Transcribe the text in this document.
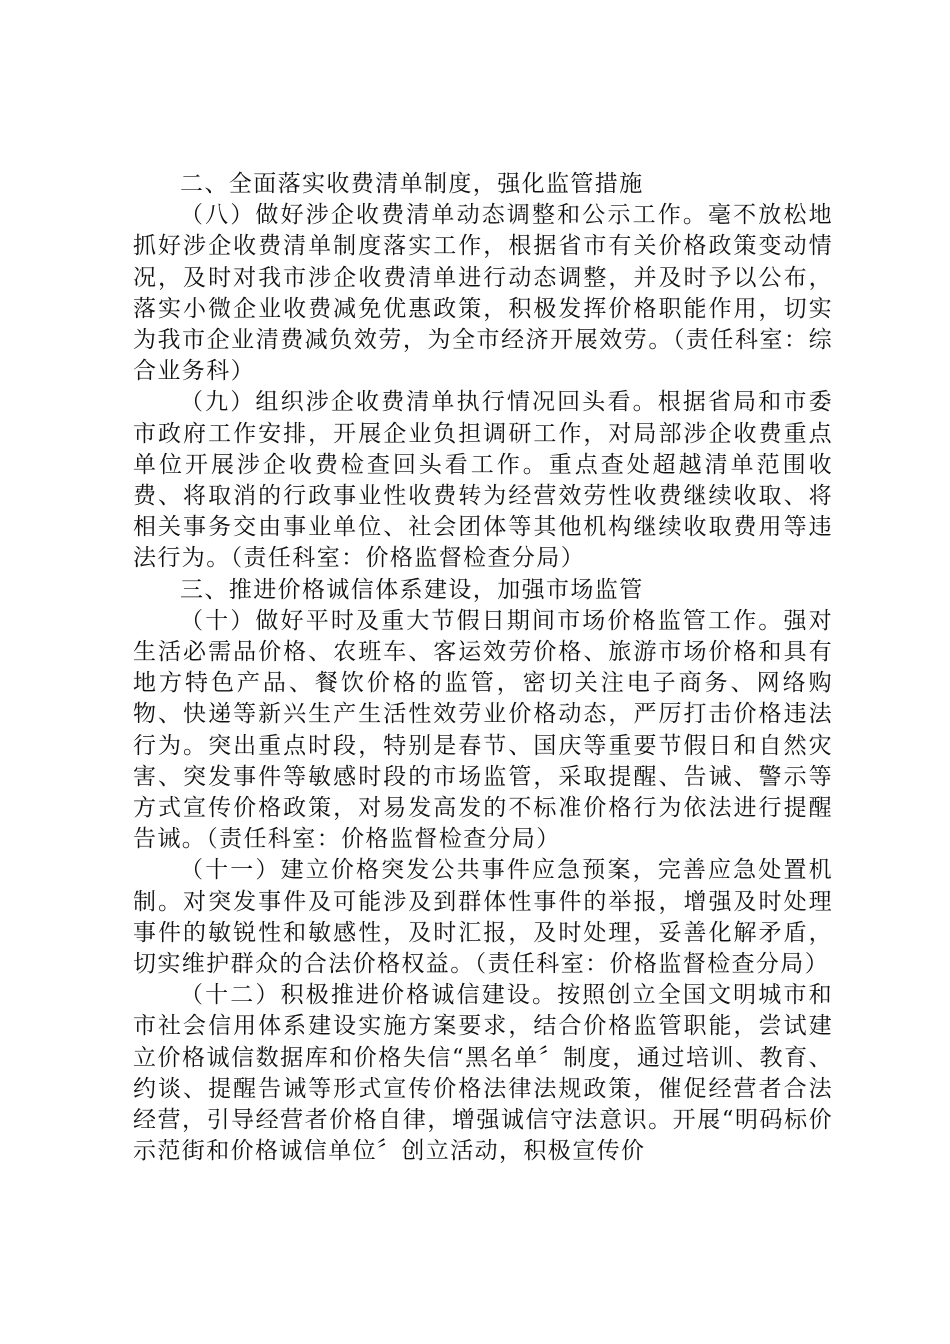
二、全面落实收费清单制度，强化监管措施

（八）做好涉企收费清单动态调整和公示工作。毫不放松地抓好涉企收费清单制度落实工作，根据省市有关价格政策变动情况，及时对我市涉企收费清单进行动态调整，并及时予以公布，落实小微企业收费减免优惠政策，积极发挥价格职能作用，切实为我市企业清费减负效劳，为全市经济开展效劳。（责任科室：综合业务科）

（九）组织涉企收费清单执行情况回头看。根据省局和市委市政府工作安排，开展企业负担调研工作，对局部涉企收费重点单位开展涉企收费检查回头看工作。重点查处超越清单范围收费、将取消的行政事业性收费转为经营效劳性收费继续收取、将相关事务交由事业单位、社会团体等其他机构继续收取费用等违法行为。（责任科室：价格监督检查分局）

三、推进价格诚信体系建设，加强市场监管

（十）做好平时及重大节假日期间市场价格监管工作。强对生活必需品价格、农班车、客运效劳价格、旅游市场价格和具有地方特色产品、餐饮价格的监管，密切关注电子商务、网络购物、快递等新兴生产生活性效劳业价格动态，严厉打击价格违法行为。突出重点时段，特别是春节、国庆等重要节假日和自然灾害、突发事件等敏感时段的市场监管，采取提醒、告诫、警示等方式宣传价格政策，对易发高发的不标准价格行为依法进行提醒告诫。（责任科室：价格监督检查分局）

（十一）建立价格突发公共事件应急预案，完善应急处置机制。对突发事件及可能涉及到群体性事件的举报，增强及时处理事件的敏锐性和敏感性，及时汇报，及时处理，妥善化解矛盾，切实维护群众的合法价格权益。（责任科室：价格监督检查分局）

（十二）积极推进价格诚信建设。按照创立全国文明城市和市社会信用体系建设实施方案要求，结合价格监管职能，尝试建立价格诚信数据库和价格失信“黑名单〞制度，通过培训、教育、约谈、提醒告诫等形式宣传价格法律法规政策，催促经营者合法经营，引导经营者价格自律，增强诚信守法意识。开展“明码标价示范街和价格诚信单位〞创立活动，积极宣传价
